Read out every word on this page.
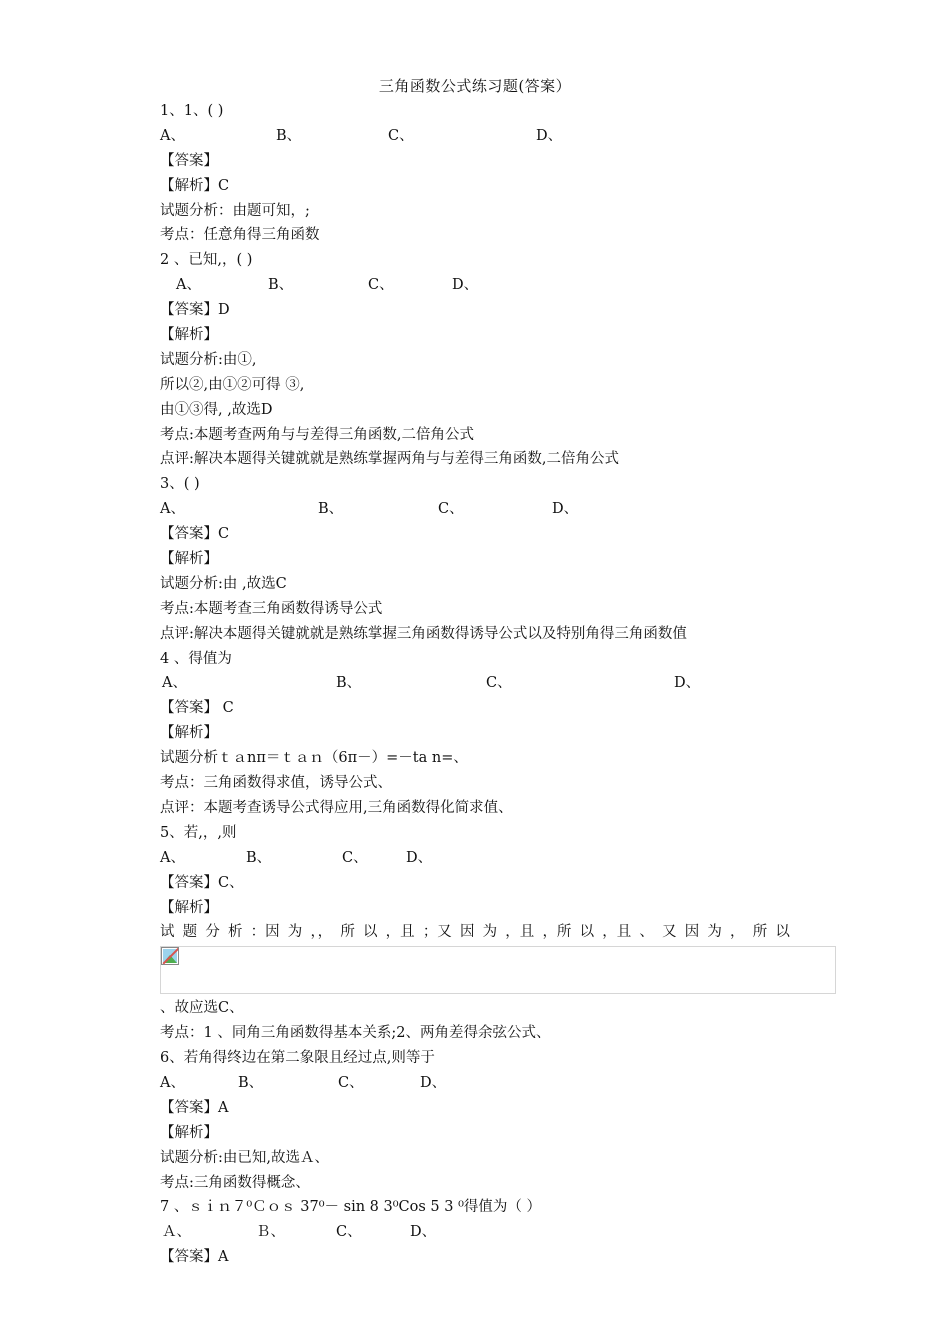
三角函数公式练习题(答案）
1、1、( )
A、	B、	C、	D、
【答案】
【解析】C
试题分析：由题可知，;
考点：任意角得三角函数
2 、已知,，( )
A、	B、	C、	D、
【答案】D
【解析】
试题分析:由①,
所以②,由①②可得 ③,
由①③得, ,故选D
考点:本题考查两角与与差得三角函数,二倍角公式
点评:解决本题得关键就就是熟练掌握两角与与差得三角函数,二倍角公式
3、( )
A、	B、	C、	D、
【答案】C
【解析】
试题分析:由 ,故选C
考点:本题考查三角函数得诱导公式
点评:解决本题得关键就就是熟练掌握三角函数得诱导公式以及特别角得三角函数值
4 、得值为
A、	B、	C、	D、
【答案】 C
【解析】
试题分析ｔａnπ＝ｔａｎ（6π－）=－ta n=、
考点：三角函数得求值，诱导公式、
点评：本题考查诱导公式得应用,三角函数得化简求值、
5、若,，,则
A、	B、	C、	D、
【答案】C、
【解析】
试 题 分 析 ：因 为 ，， 所 以 ，且 ；又 因 为 ，且 ，所 以 ，且 、 又 因 为 ， 所 以
、故应选C、
考点：1 、同角三角函数得基本关系;2、两角差得余弦公式、
6、若角得终边在第二象限且经过点,则等于
A、	B、	C、	D、
【答案】A
【解析】
试题分析:由已知,故选Ａ、
考点:三角函数得概念、
7 、ｓｉｎ７⁰Ｃｏｓ 37⁰－ sin 8 3⁰Cos 5 3 ⁰得值为（ ）
Ａ、	Ｂ、	C、	D、
【答案】A
